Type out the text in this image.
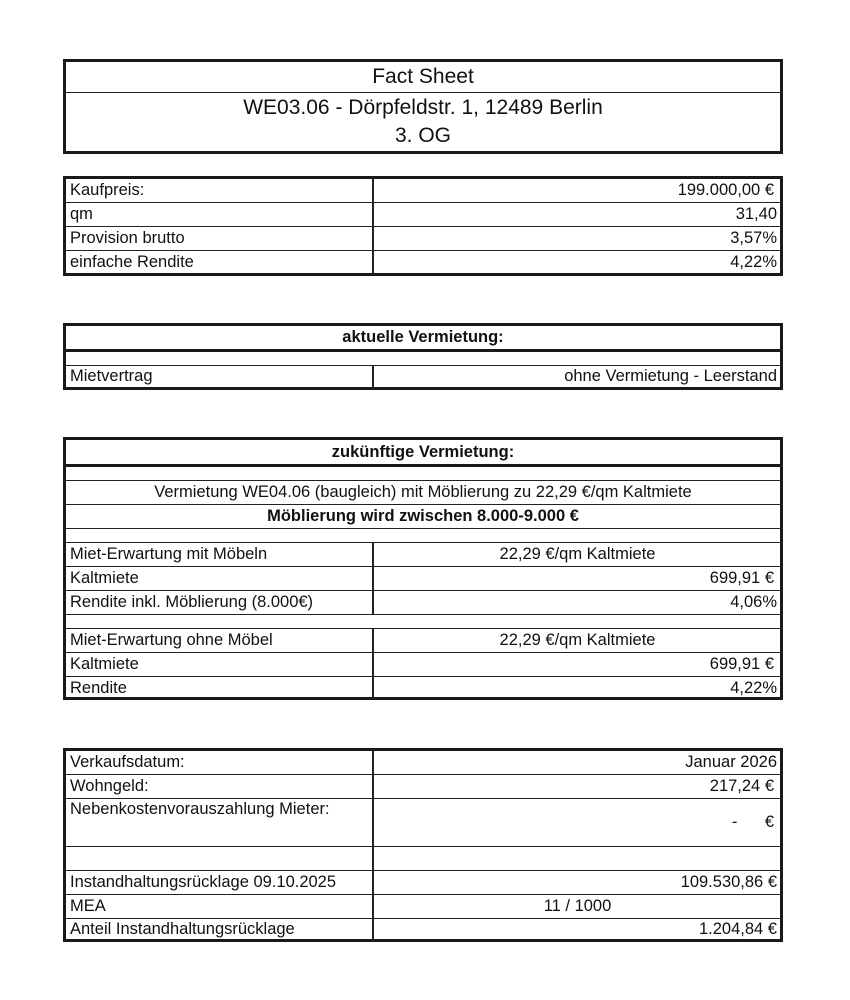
Fact Sheet
WE03.06 - Dörpfeldstr. 1, 12489 Berlin
3. OG
Kaufpreis:	199.000,00 €
qm	31,40
Provision brutto	3,57%
einfache Rendite	4,22%
aktuelle Vermietung:
Mietvertrag	ohne Vermietung - Leerstand
zukünftige Vermietung:
Vermietung WE04.06 (baugleich) mit Möblierung zu 22,29 €/qm Kaltmiete
Möblierung wird zwischen 8.000-9.000 €
Miet-Erwartung mit Möbeln	22,29 €/qm Kaltmiete
Kaltmiete	699,91 €
Rendite inkl. Möblierung (8.000€)	4,06%
Miet-Erwartung ohne Möbel	22,29 €/qm Kaltmiete
Kaltmiete	699,91 €
Rendite	4,22%
Verkaufsdatum:	Januar 2026
Wohngeld:	217,24 €
Nebenkostenvorauszahlung Mieter:
-      €
Instandhaltungsrücklage 09.10.2025	109.530,86 €
MEA	11 / 1000
Anteil Instandhaltungsrücklage	1.204,84 €
